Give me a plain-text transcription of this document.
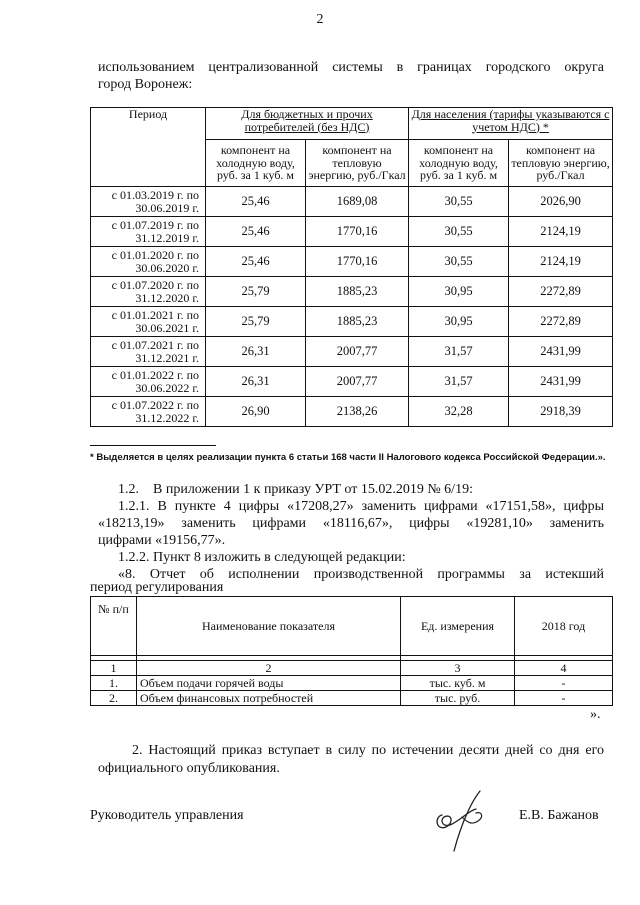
2
использованием централизованной системы в границах городского округа
город Воронеж:
Период	Для бюджетных и прочих потребителей (без НДС)		Для населения (тарифы указываются с учетом НДС) *	
	компонент на холодную воду, руб. за 1 куб. м	компонент на тепловую энергию, руб./Гкал	компонент на холодную воду, руб. за 1 куб. м	компонент на тепловую энергию, руб./Гкал
с 01.03.2019 г. по 30.06.2019 г.	25,46	1689,08	30,55	2026,90
с 01.07.2019 г. по 31.12.2019 г.	25,46	1770,16	30,55	2124,19
с 01.01.2020 г. по 30.06.2020 г.	25,46	1770,16	30,55	2124,19
с 01.07.2020 г. по 31.12.2020 г.	25,79	1885,23	30,95	2272,89
с 01.01.2021 г. по 30.06.2021 г.	25,79	1885,23	30,95	2272,89
с 01.07.2021 г. по 31.12.2021 г.	26,31	2007,77	31,57	2431,99
с 01.01.2022 г. по 30.06.2022 г.	26,31	2007,77	31,57	2431,99
с 01.07.2022 г. по 31.12.2022 г.	26,90	2138,26	32,28	2918,39
* Выделяется в целях реализации пункта 6 статьи 168 части II Налогового кодекса Российской Федерации.».
1.2.    В приложении 1 к приказу УРТ от 15.02.2019 № 6/19:
1.2.1. В пункте 4 цифры «17208,27» заменить цифрами «17151,58», цифры
«18213,19» заменить цифрами «18116,67», цифры «19281,10» заменить
цифрами «19156,77».
1.2.2. Пункт 8 изложить в следующей редакции:
«8. Отчет об исполнении производственной программы за истекший
период регулирования
№ п/п	Наименование показателя	Ед. измерения	2018 год

1	2	3	4
1.	Объем подачи горячей воды	тыс. куб. м	-
2.	Объем финансовых потребностей	тыс. руб.	-
».
2. Настоящий приказ вступает в силу по истечении десяти дней со дня его
официального опубликования.
Руководитель управления	Е.В. Бажанов
